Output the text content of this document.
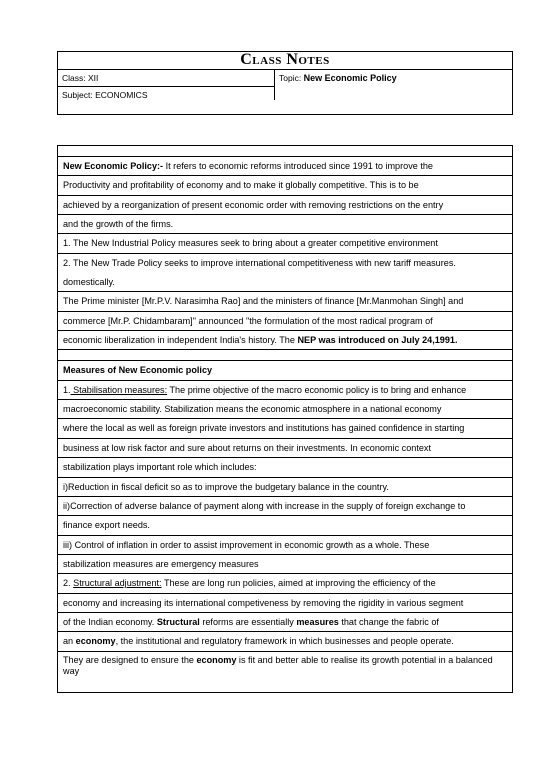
Class Notes
Class: XII
Subject: ECONOMICS
Topic: New Economic Policy
New Economic Policy:- It refers to economic reforms introduced since 1991 to improve the
Productivity and profitability of economy and to make it globally competitive. This is to be
achieved by a reorganization of present economic order with removing restrictions on the entry
and the growth of the firms.
1. The New Industrial Policy measures seek to bring about a greater competitive environment
2. The New Trade Policy seeks to improve international competitiveness with new tariff measures.
domestically.
The Prime minister [Mr.P.V. Narasimha Rao] and the ministers of finance [Mr.Manmohan Singh] and
commerce [Mr.P. Chidambaram]" announced "the formulation of the most radical program of
economic liberalization in independent India's history. The NEP was introduced on July 24,1991.
Measures of New Economic policy
1. Stabilisation measures: The prime objective of the macro economic policy is to bring and enhance
macroeconomic stability. Stabilization means the economic atmosphere in a national economy
where the local as well as foreign private investors and institutions has gained confidence in starting
business at low risk factor and sure about returns on their investments. In economic context
stabilization plays important role which includes:
i)Reduction in fiscal deficit so as to improve the budgetary balance in the country.
ii)Correction of adverse balance of payment along with increase in the supply of foreign exchange to
finance export needs.
iii) Control of inflation in order to assist improvement in economic growth as a whole. These
stabilization measures are emergency measures
2. Structural adjustment: These are long run policies, aimed at improving the efficiency of the
economy and increasing its international competiveness by removing the rigidity in various segment
of the Indian economy. Structural reforms are essentially measures that change the fabric of
an economy, the institutional and regulatory framework in which businesses and people operate.
They are designed to ensure the economy is fit and better able to realise its growth potential in a balanced way
